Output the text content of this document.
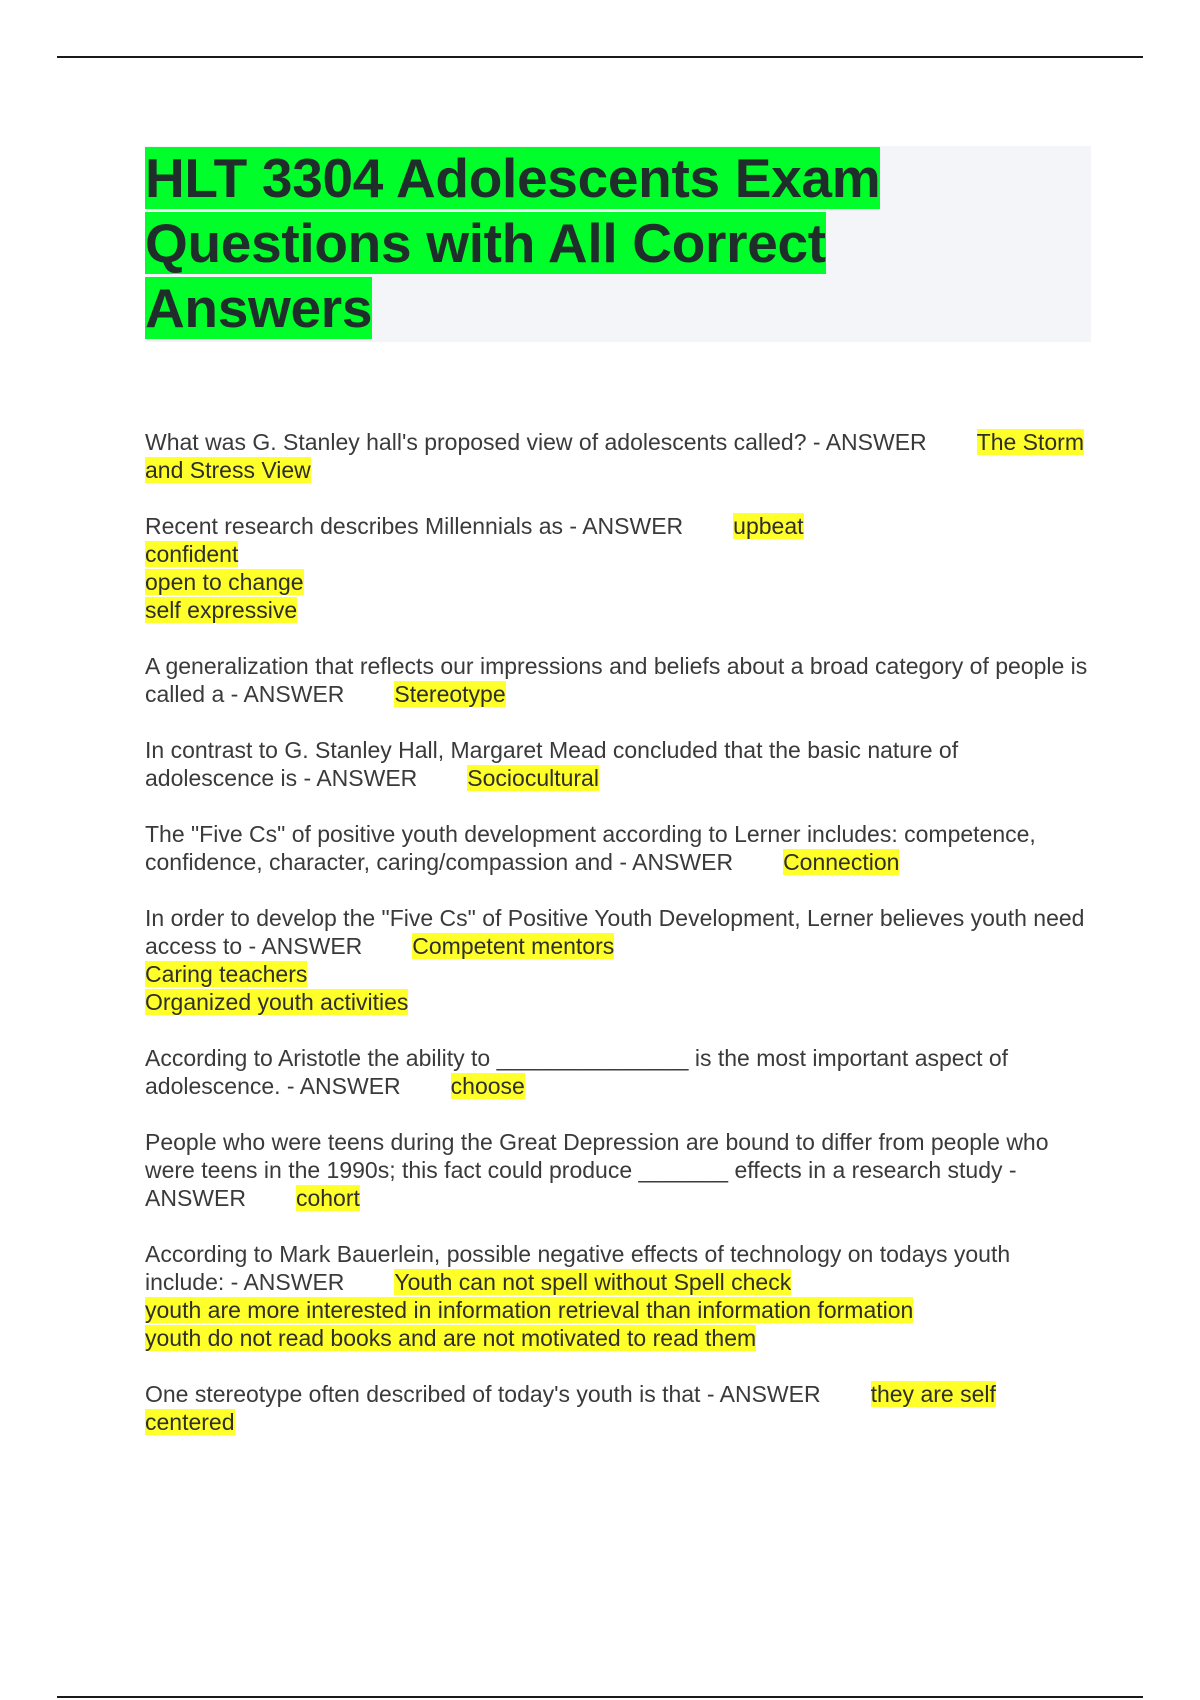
HLT 3304 Adolescents Exam
Questions with All Correct
Answers

What was G. Stanley hall's proposed view of adolescents called? - ANSWER The Storm and Stress View

Recent research describes Millennials as - ANSWER upbeat
confident
open to change
self expressive

A generalization that reflects our impressions and beliefs about a broad category of people is called a - ANSWER Stereotype

In contrast to G. Stanley Hall, Margaret Mead concluded that the basic nature of adolescence is - ANSWER Sociocultural

The "Five Cs" of positive youth development according to Lerner includes: competence, confidence, character, caring/compassion and - ANSWER Connection

In order to develop the "Five Cs" of Positive Youth Development, Lerner believes youth need access to - ANSWER Competent mentors
Caring teachers
Organized youth activities

According to Aristotle the ability to _______________ is the most important aspect of adolescence. - ANSWER choose

People who were teens during the Great Depression are bound to differ from people who were teens in the 1990s; this fact could produce _______ effects in a research study - ANSWER cohort

According to Mark Bauerlein, possible negative effects of technology on todays youth include: - ANSWER Youth can not spell without Spell check
youth are more interested in information retrieval than information formation
youth do not read books and are not motivated to read them

One stereotype often described of today's youth is that - ANSWER they are self centered
